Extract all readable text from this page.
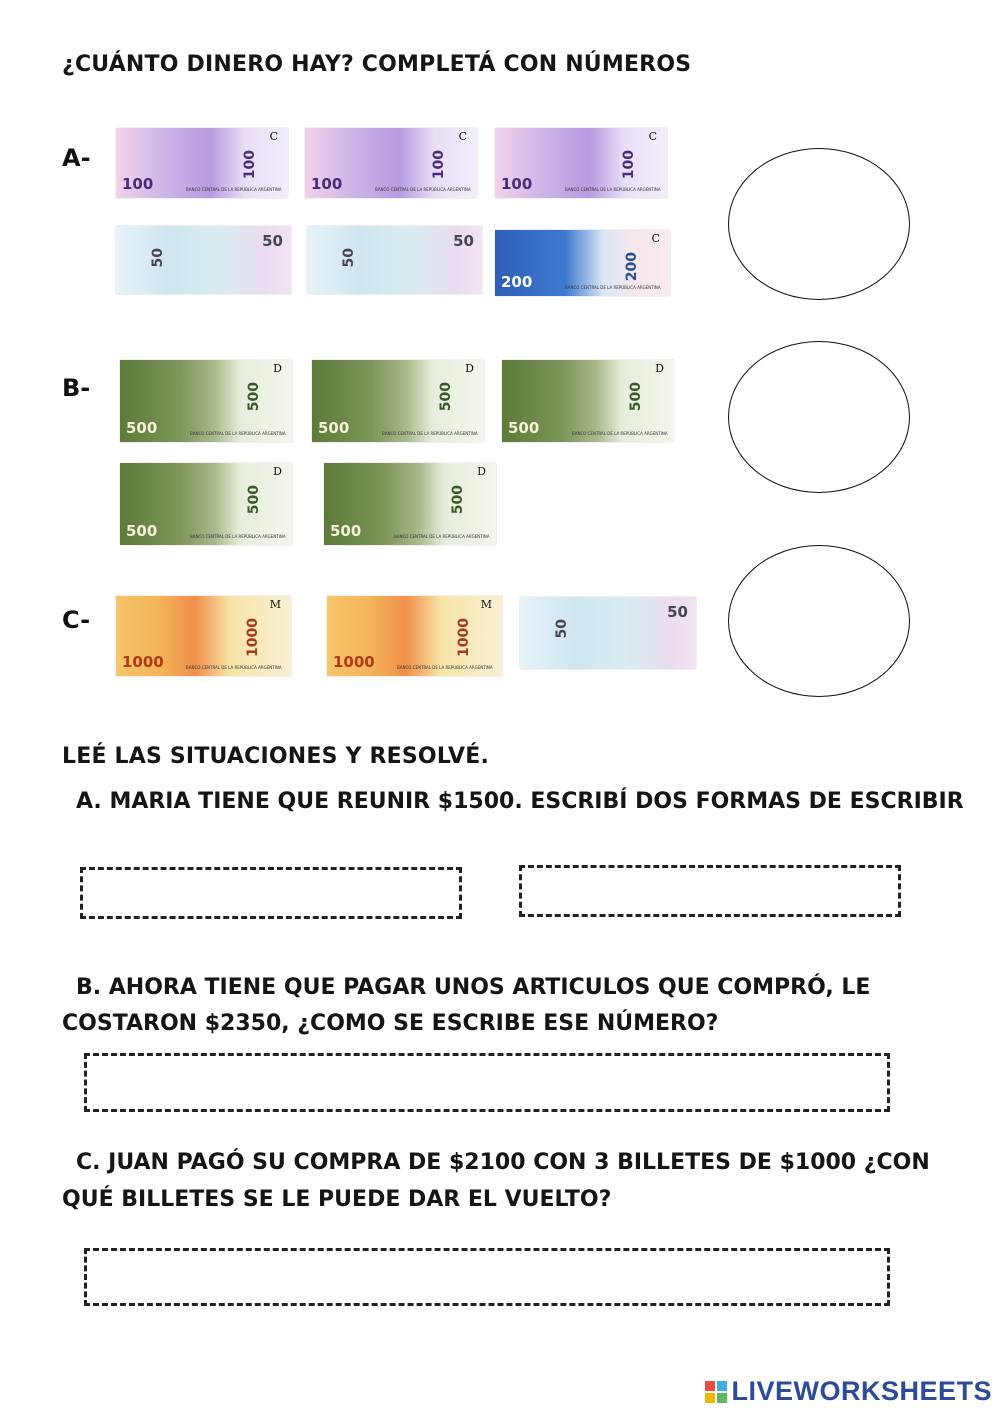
¿CUÁNTO DINERO HAY? COMPLETÁ CON NÚMEROS
A-
C
100
BANCO CENTRAL DE LA REPÚBLICA ARGENTINA
100
C
100
BANCO CENTRAL DE LA REPÚBLICA ARGENTINA
100
C
100
BANCO CENTRAL DE LA REPÚBLICA ARGENTINA
100
50
50
50
50
C
200
BANCO CENTRAL DE LA REPÚBLICA ARGENTINA
200
B-
D
500
BANCO CENTRAL DE LA REPÚBLICA ARGENTINA
500
D
500
BANCO CENTRAL DE LA REPÚBLICA ARGENTINA
500
D
500
BANCO CENTRAL DE LA REPÚBLICA ARGENTINA
500
D
500
BANCO CENTRAL DE LA REPÚBLICA ARGENTINA
500
D
500
BANCO CENTRAL DE LA REPÚBLICA ARGENTINA
500
C-
M
1000
BANCO CENTRAL DE LA REPÚBLICA ARGENTINA
1000
M
1000
BANCO CENTRAL DE LA REPÚBLICA ARGENTINA
1000
50
50
LEÉ LAS SITUACIONES Y RESOLVÉ.
A. MARIA TIENE QUE REUNIR $1500. ESCRIBÍ DOS FORMAS DE ESCRIBIR
B. AHORA TIENE QUE PAGAR UNOS ARTICULOS QUE COMPRÓ, LE
COSTARON $2350, ¿COMO SE ESCRIBE ESE NÚMERO?
C. JUAN PAGÓ SU COMPRA DE $2100 CON 3 BILLETES DE $1000 ¿CON
QUÉ BILLETES SE LE PUEDE DAR EL VUELTO?
LIVEWORKSHEETS
